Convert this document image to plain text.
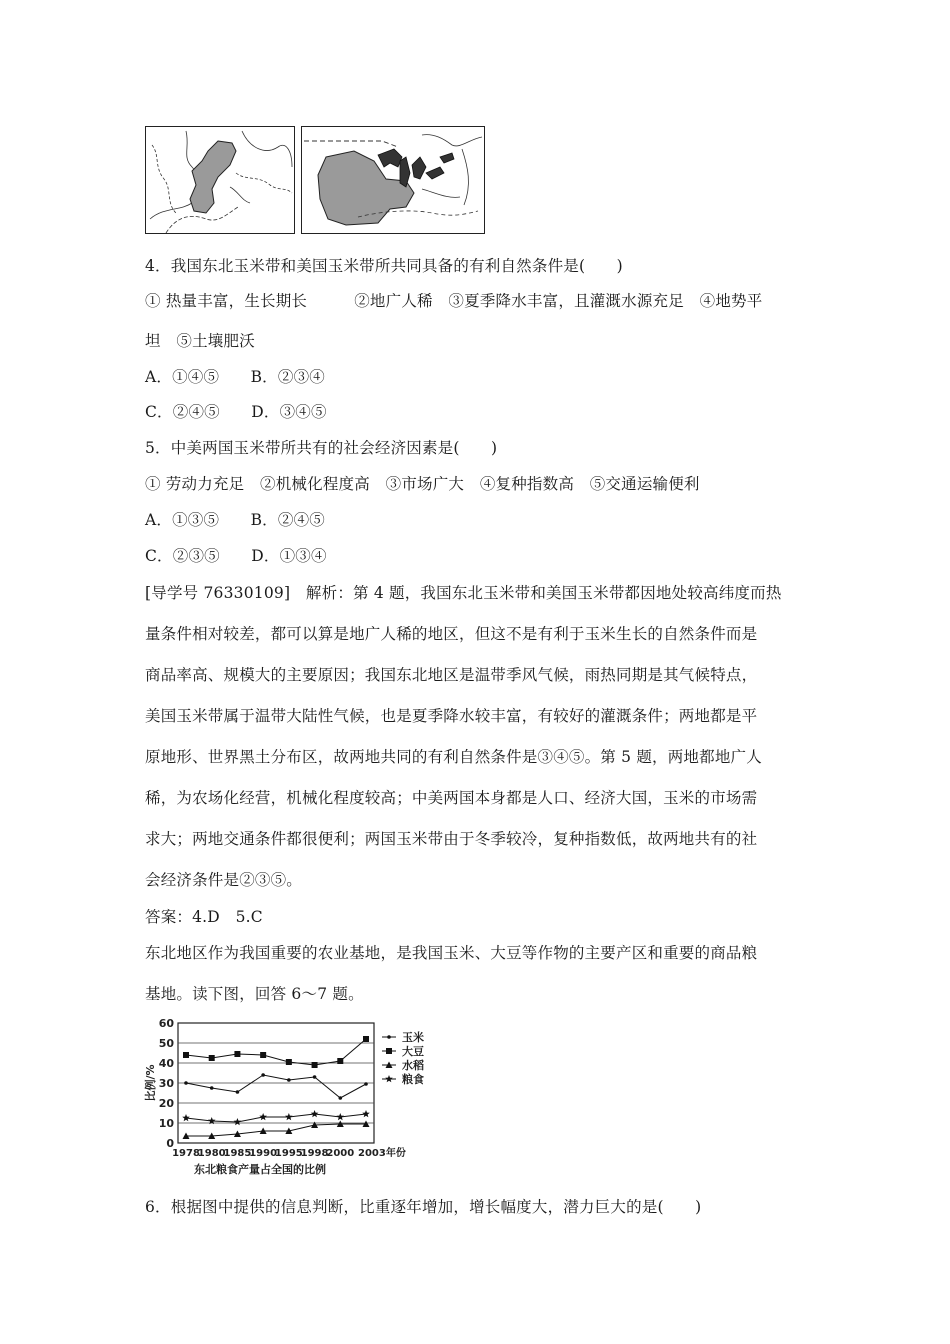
4．我国东北玉米带和美国玉米带所共同具备的有利自然条件是(　　)
① 热量丰富，生长期长　　　②地广人稀　③夏季降水丰富，且灌溉水源充足　④地势平
坦　⑤土壤肥沃
A．①④⑤　　B．②③④
C．②④⑤　　D．③④⑤
5．中美两国玉米带所共有的社会经济因素是(　　)
① 劳动力充足　②机械化程度高　③市场广大　④复种指数高　⑤交通运输便利
A．①③⑤　　B．②④⑤
C．②③⑤　　D．①③④
[导学号 76330109]　解析：第 4 题，我国东北玉米带和美国玉米带都因地处较高纬度而热
量条件相对较差，都可以算是地广人稀的地区，但这不是有利于玉米生长的自然条件而是
商品率高、规模大的主要原因；我国东北地区是温带季风气候，雨热同期是其气候特点，
美国玉米带属于温带大陆性气候，也是夏季降水较丰富，有较好的灌溉条件；两地都是平
原地形、世界黑土分布区，故两地共同的有利自然条件是③④⑤。第 5 题，两地都地广人
稀，为农场化经营，机械化程度较高；中美两国本身都是人口、经济大国，玉米的市场需
求大；两地交通条件都很便利；两国玉米带由于冬季较冷，复种指数低，故两地共有的社
会经济条件是②③⑤。
答案：4.D　5.C
东北地区作为我国重要的农业基地，是我国玉米、大豆等作物的主要产区和重要的商品粮
基地。读下图，回答 6～7 题。
0
10
20
30
40
50
60
1978
1980
1985
1990
1995
1998
2000 2003年份
比例/%
东北粮食产量占全国的比例
玉米
大豆
水稻
粮食
6．根据图中提供的信息判断，比重逐年增加，增长幅度大，潜力巨大的是(　　)
